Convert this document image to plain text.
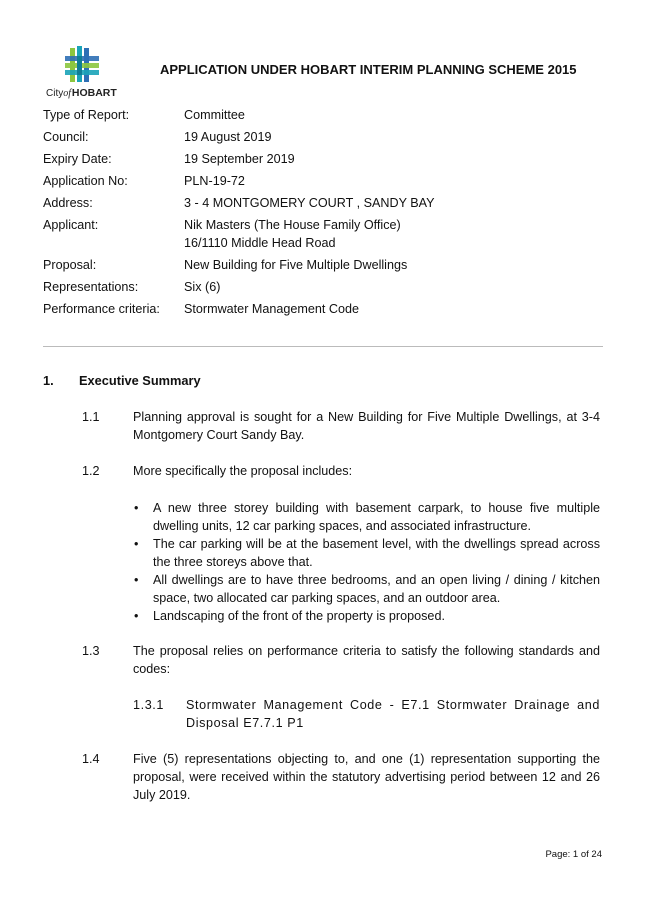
Cityof HOBART
APPLICATION UNDER HOBART INTERIM PLANNING SCHEME 2015
Type of Report:	Committee
Council:	19 August 2019
Expiry Date:	19 September 2019
Application No:	PLN-19-72
Address:	3 - 4 MONTGOMERY COURT , SANDY BAY
Applicant:	Nik Masters (The House Family Office)
16/1110 Middle Head Road
Proposal:	New Building for Five Multiple Dwellings
Representations:	Six (6)
Performance criteria:	Stormwater Management Code
1. Executive Summary
1.1	Planning approval is sought for a New Building for Five Multiple Dwellings, at 3-4 Montgomery Court Sandy Bay.
1.2	More specifically the proposal includes:
• A new three storey building with basement carpark, to house five multiple dwelling units, 12 car parking spaces, and associated infrastructure.
• The car parking will be at the basement level, with the dwellings spread across the three storeys above that.
• All dwellings are to have three bedrooms, and an open living / dining / kitchen space, two allocated car parking spaces, and an outdoor area.
• Landscaping of the front of the property is proposed.
1.3	The proposal relies on performance criteria to satisfy the following standards and codes:
1.3.1 Stormwater Management Code - E7.1 Stormwater Drainage and Disposal E7.7.1 P1
1.4	Five (5) representations objecting to, and one (1) representation supporting the proposal, were received within the statutory advertising period between 12 and 26 July 2019.
Page: 1 of 24
